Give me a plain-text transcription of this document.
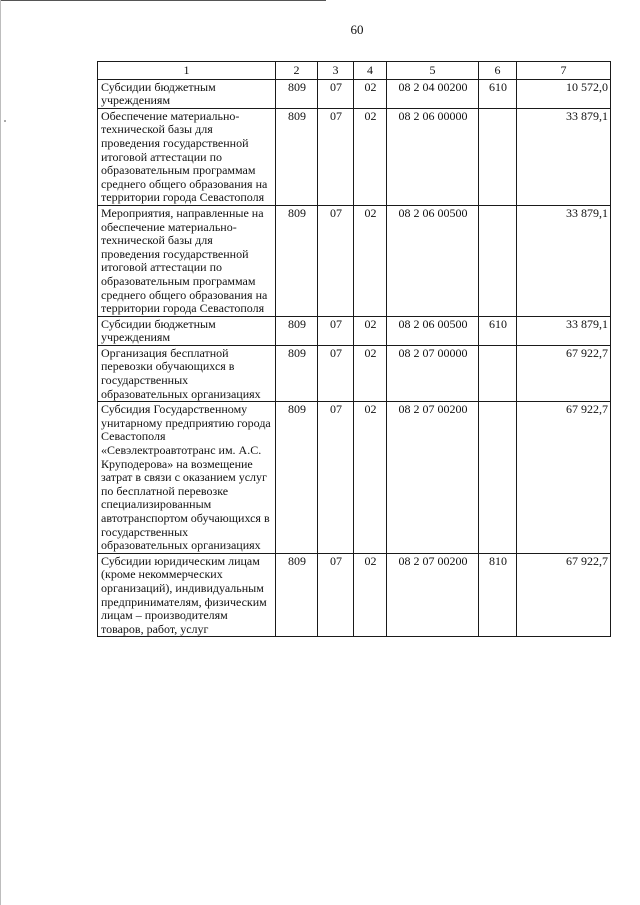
60
1	2	3	4	5	6	7
Субсидии бюджетным учреждениям	809	07	02	08 2 04 00200	610	10 572,0
Обеспечение материально-технической базы для проведения государственной итоговой аттестации по образовательным программам среднего общего образования на территории города Севастополя	809	07	02	08 2 06 00000		33 879,1
Мероприятия, направленные на обеспечение материально-технической базы для проведения государственной итоговой аттестации по образовательным программам среднего общего образования на территории города Севастополя	809	07	02	08 2 06 00500		33 879,1
Субсидии бюджетным учреждениям	809	07	02	08 2 06 00500	610	33 879,1
Организация бесплатной перевозки обучающихся в государственных образовательных организациях	809	07	02	08 2 07 00000		67 922,7
Субсидия Государственному унитарному предприятию города Севастополя «Севэлектроавтотранс им. А.С. Круподерова» на возмещение затрат в связи с оказанием услуг по бесплатной перевозке специализированным автотранспортом обучающихся в государственных образовательных организациях	809	07	02	08 2 07 00200		67 922,7
Субсидии юридическим лицам (кроме некоммерческих организаций), индивидуальным предпринимателям, физическим лицам – производителям товаров, работ, услуг	809	07	02	08 2 07 00200	810	67 922,7
